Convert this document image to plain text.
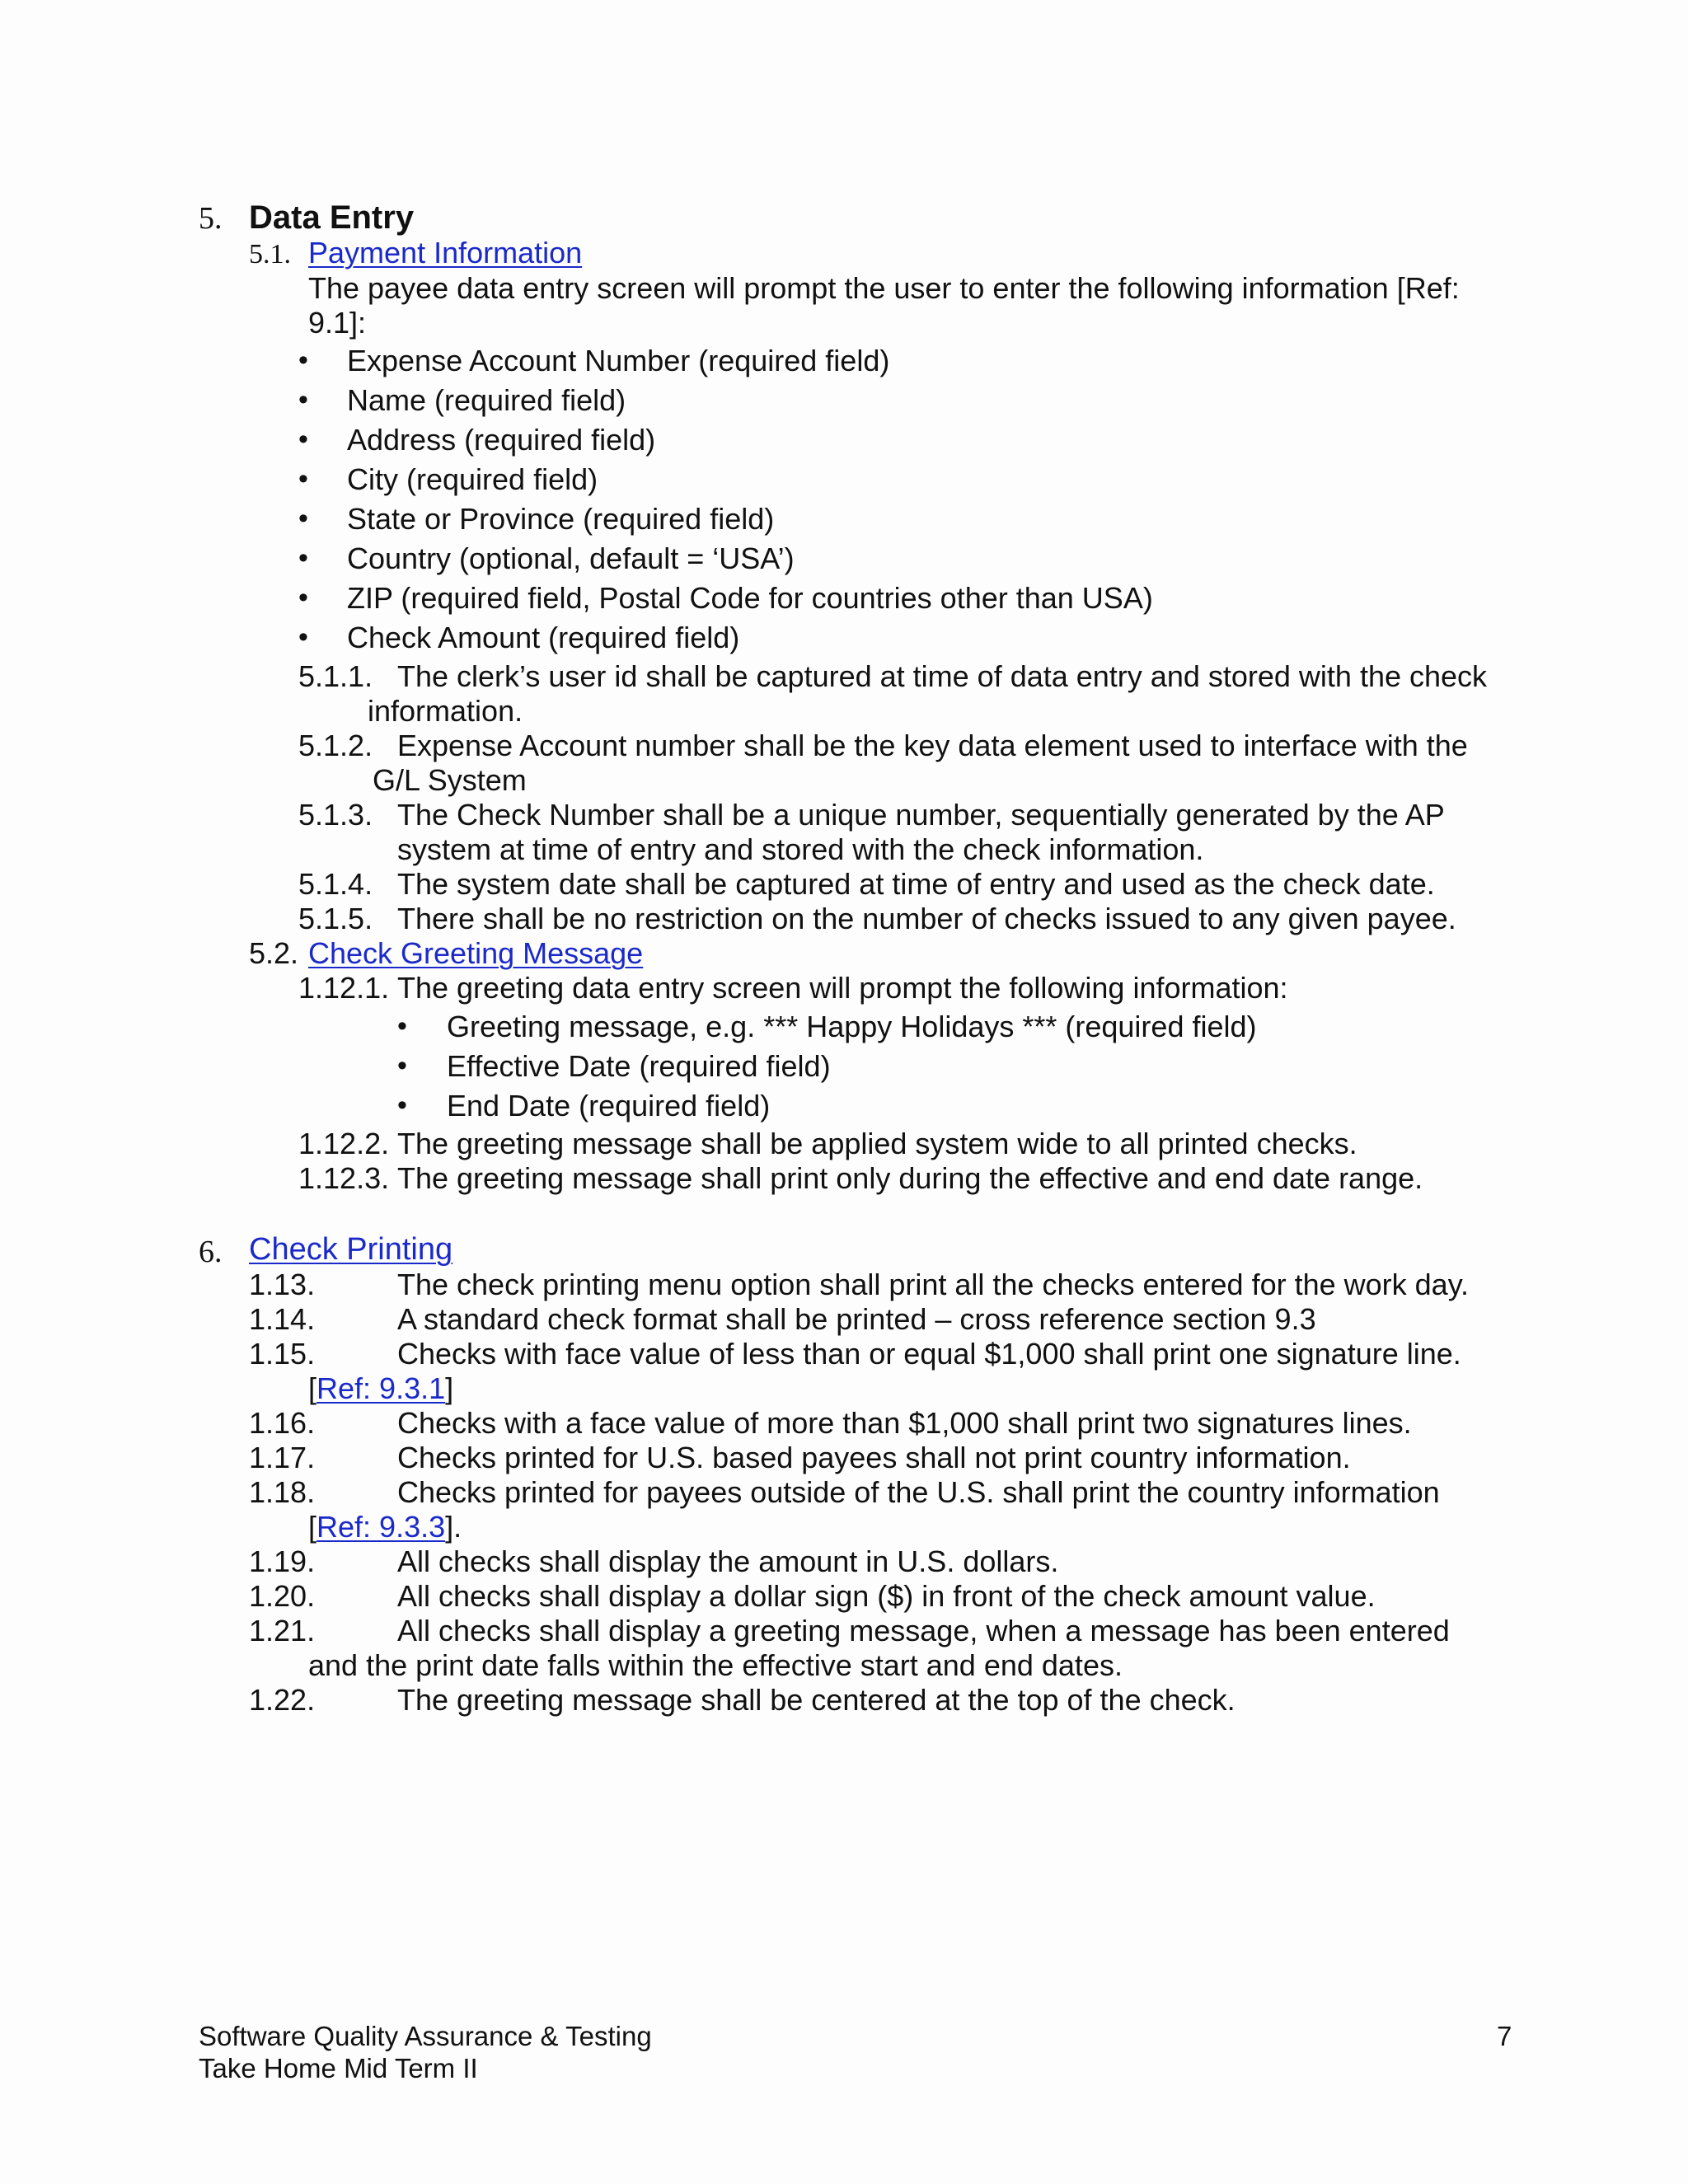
5. Data Entry
5.1. Payment Information
The payee data entry screen will prompt the user to enter the following information [Ref:
9.1]:
• Expense Account Number (required field)
• Name (required field)
• Address (required field)
• City (required field)
• State or Province (required field)
• Country (optional, default = ‘USA’)
• ZIP (required field, Postal Code for countries other than USA)
• Check Amount (required field)
5.1.1. The clerk’s user id shall be captured at time of data entry and stored with the check
information.
5.1.2. Expense Account number shall be the key data element used to interface with the
G/L System
5.1.3. The Check Number shall be a unique number, sequentially generated by the AP
system at time of entry and stored with the check information.
5.1.4. The system date shall be captured at time of entry and used as the check date.
5.1.5. There shall be no restriction on the number of checks issued to any given payee.
5.2. Check Greeting Message
1.12.1. The greeting data entry screen will prompt the following information:
• Greeting message, e.g. *** Happy Holidays *** (required field)
• Effective Date (required field)
• End Date (required field)
1.12.2. The greeting message shall be applied system wide to all printed checks.
1.12.3. The greeting message shall print only during the effective and end date range.
6. Check Printing
1.13.	The check printing menu option shall print all the checks entered for the work day.
1.14.	A standard check format shall be printed – cross reference section 9.3
1.15.	Checks with face value of less than or equal $1,000 shall print one signature line.
[Ref: 9.3.1]
1.16.	Checks with a face value of more than $1,000 shall print two signatures lines.
1.17.	Checks printed for U.S. based payees shall not print country information.
1.18.	Checks printed for payees outside of the U.S. shall print the country information
[Ref: 9.3.3].
1.19.	All checks shall display the amount in U.S. dollars.
1.20.	All checks shall display a dollar sign ($) in front of the check amount value.
1.21.	All checks shall display a greeting message, when a message has been entered
and the print date falls within the effective start and end dates.
1.22.	The greeting message shall be centered at the top of the check.
Software Quality Assurance & Testing
Take Home Mid Term II
7
